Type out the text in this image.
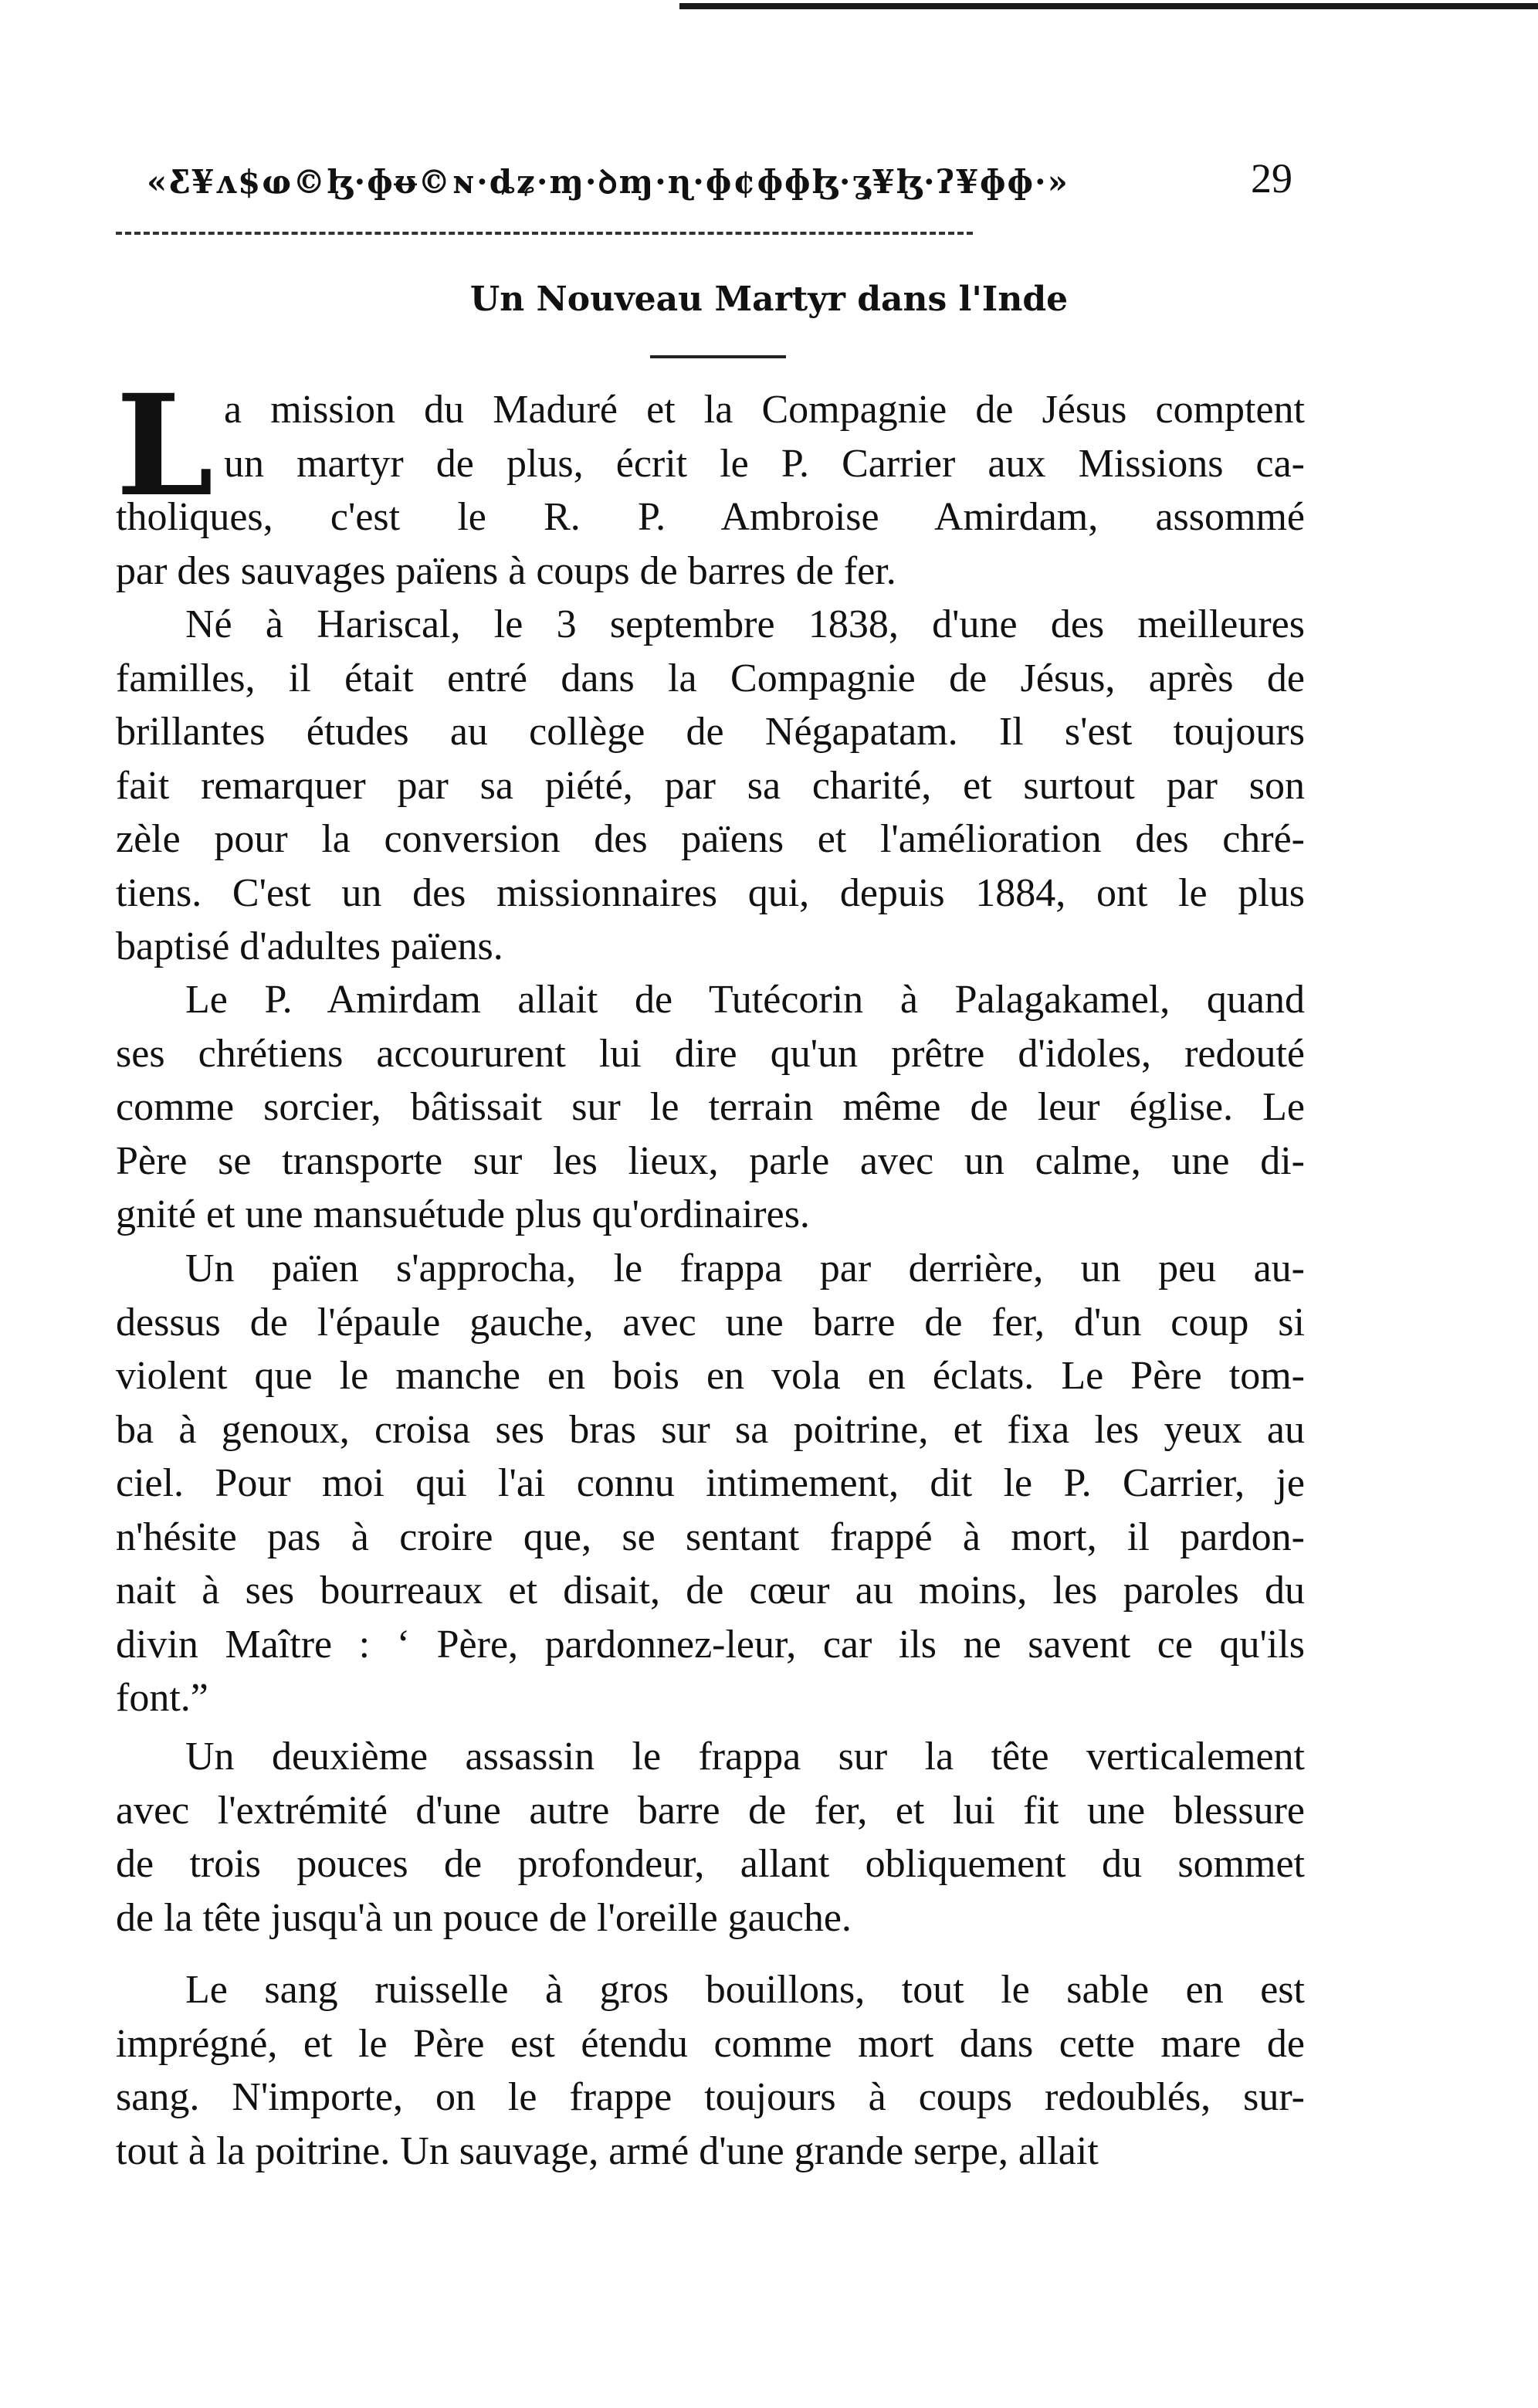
«Ƹ¥ʌ$ⱷ©ɮ·ɸᵿ©ɴ·ȡʑ·ɱ·ꝺɱ·ɳ·ɸ¢ɸɸɮ·ʓ¥ɮ·ʔ¥ɸɸ·»	29
Un Nouveau Martyr dans l'Inde
L a mission du Maduré et la Compagnie de Jésus comptent
un martyr de plus, écrit le P. Carrier aux Missions ca-
tholiques, c'est le R. P. Ambroise Amirdam, assommé
par des sauvages païens à coups de barres de fer.
Né à Hariscal, le 3 septembre 1838, d'une des meilleures
familles, il était entré dans la Compagnie de Jésus, après de
brillantes études au collège de Négapatam. Il s'est toujours
fait remarquer par sa piété, par sa charité, et surtout par son
zèle pour la conversion des païens et l'amélioration des chré-
tiens. C'est un des missionnaires qui, depuis 1884, ont le plus
baptisé d'adultes païens.
Le P. Amirdam allait de Tutécorin à Palagakamel, quand
ses chrétiens accoururent lui dire qu'un prêtre d'idoles, redouté
comme sorcier, bâtissait sur le terrain même de leur église. Le
Père se transporte sur les lieux, parle avec un calme, une di-
gnité et une mansuétude plus qu'ordinaires.
Un païen s'approcha, le frappa par derrière, un peu au-
dessus de l'épaule gauche, avec une barre de fer, d'un coup si
violent que le manche en bois en vola en éclats. Le Père tom-
ba à genoux, croisa ses bras sur sa poitrine, et fixa les yeux au
ciel. Pour moi qui l'ai connu intimement, dit le P. Carrier, je
n'hésite pas à croire que, se sentant frappé à mort, il pardon-
nait à ses bourreaux et disait, de cœur au moins, les paroles du
divin Maître : ‘ Père, pardonnez-leur, car ils ne savent ce qu'ils
font.”
Un deuxième assassin le frappa sur la tête verticalement
avec l'extrémité d'une autre barre de fer, et lui fit une blessure
de trois pouces de profondeur, allant obliquement du sommet
de la tête jusqu'à un pouce de l'oreille gauche.
Le sang ruisselle à gros bouillons, tout le sable en est
imprégné, et le Père est étendu comme mort dans cette mare de
sang. N'importe, on le frappe toujours à coups redoublés, sur-
tout à la poitrine. Un sauvage, armé d'une grande serpe, allait
